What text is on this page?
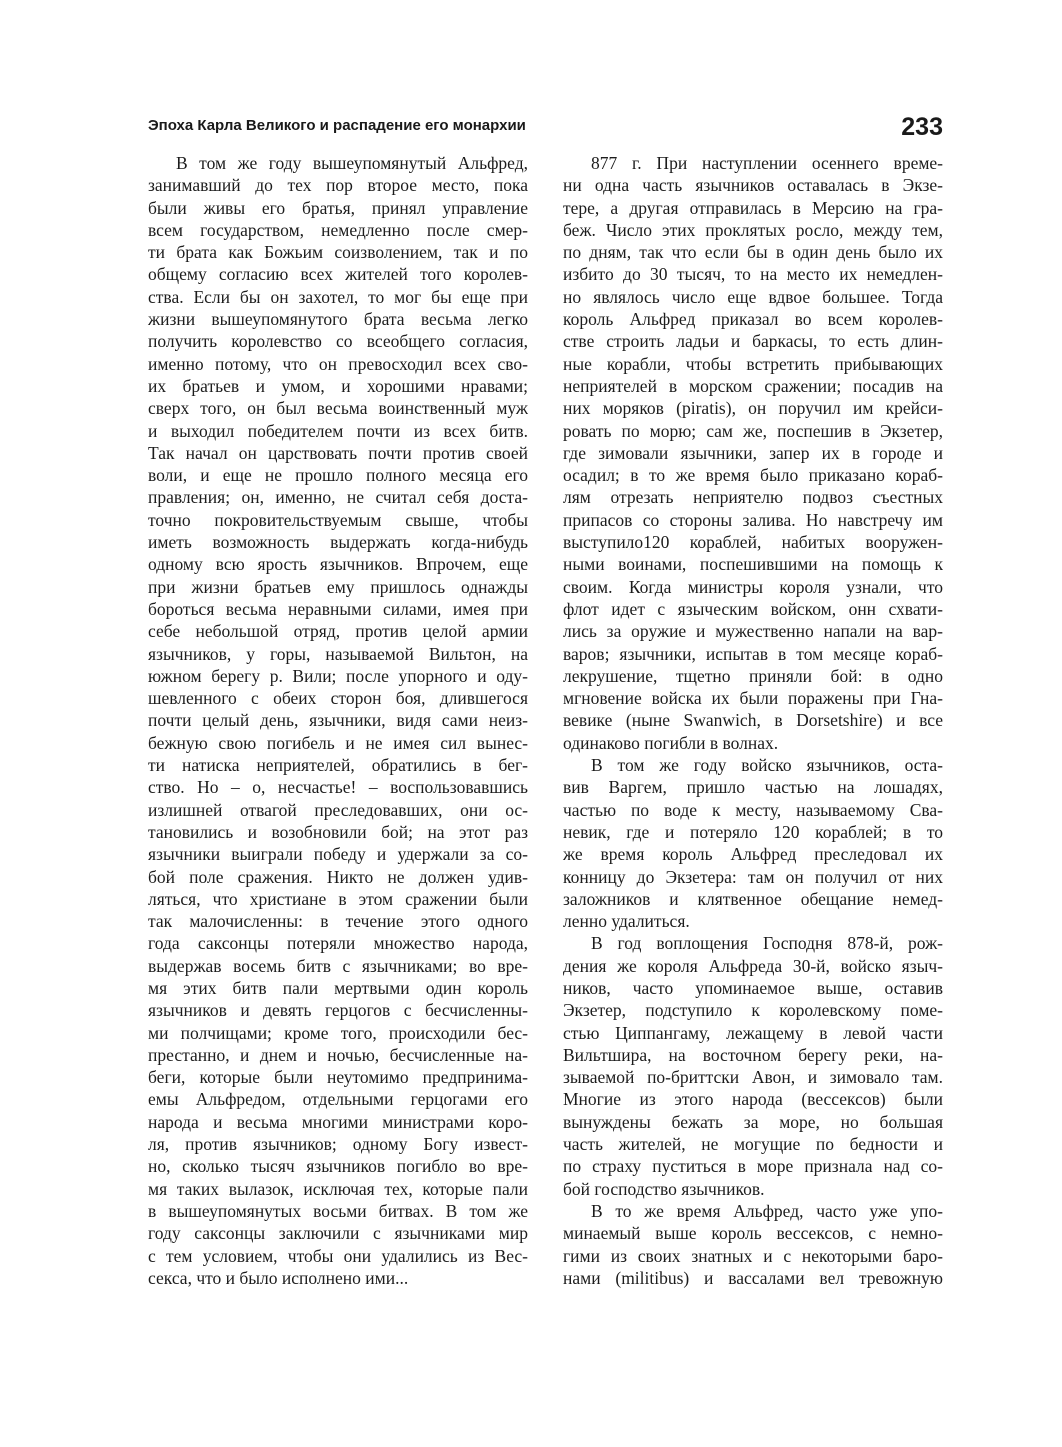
Эпоха Карла Великого и распадение его монархии	233
В том же году вышеупомянутый Альфред,
занимавший до тех пор второе место, пока
были живы его братья, принял управление
всем государством, немедленно после смер-
ти брата как Божьим соизволением, так и по
общему согласию всех жителей того королев-
ства. Если бы он захотел, то мог бы еще при
жизни вышеупомянутого брата весьма легко
получить королевство со всеобщего согласия,
именно потому, что он превосходил всех сво-
их братьев и умом, и хорошими нравами;
сверх того, он был весьма воинственный муж
и выходил победителем почти из всех битв.
Так начал он царствовать почти против своей
воли, и еще не прошло полного месяца его
правления; он, именно, не считал себя доста-
точно покровительствуемым свыше, чтобы
иметь возможность выдержать когда-нибудь
одному всю ярость язычников. Впрочем, еще
при жизни братьев ему пришлось однажды
бороться весьма неравными силами, имея при
себе небольшой отряд, против целой армии
язычников, у горы, называемой Вильтон, на
южном берегу р. Вили; после упорного и оду-
шевленного с обеих сторон боя, длившегося
почти целый день, язычники, видя сами неиз-
бежную свою погибель и не имея сил вынес-
ти натиска неприятелей, обратились в бег-
ство. Но – о, несчастье! – воспользовавшись
излишней отвагой преследовавших, они ос-
тановились и возобновили бой; на этот раз
язычники выиграли победу и удержали за со-
бой поле сражения. Никто не должен удив-
ляться, что христиане в этом сражении были
так малочисленны: в течение этого одного
года саксонцы потеряли множество народа,
выдержав восемь битв с язычниками; во вре-
мя этих битв пали мертвыми один король
язычников и девять герцогов с бесчисленны-
ми полчищами; кроме того, происходили бес-
престанно, и днем и ночью, бесчисленные на-
беги, которые были неутомимо предпринима-
емы Альфредом, отдельными герцогами его
народа и весьма многими министрами коро-
ля, против язычников; одному Богу извест-
но, сколько тысяч язычников погибло во вре-
мя таких вылазок, исключая тех, которые пали
в вышеупомянутых восьми битвах. В том же
году саксонцы заключили с язычниками мир
с тем условием, чтобы они удалились из Вес-
секса, что и было исполнено ими...
877 г. При наступлении осеннего време-
ни одна часть язычников оставалась в Экзе-
тере, а другая отправилась в Мерсию на гра-
беж. Число этих проклятых росло, между тем,
по дням, так что если бы в один день было их
избито до 30 тысяч, то на место их немедлен-
но являлось число еще вдвое большее. Тогда
король Альфред приказал во всем королев-
стве строить ладьи и баркасы, то есть длин-
ные корабли, чтобы встретить прибывающих
неприятелей в морском сражении; посадив на
них моряков (piratis), он поручил им крейси-
ровать по морю; сам же, поспешив в Экзетер,
где зимовали язычники, запер их в городе и
осадил; в то же время было приказано кораб-
лям отрезать неприятелю подвоз съестных
припасов со стороны залива. Но навстречу им
выступило120 кораблей, набитых вооружен-
ными воинами, поспешившими на помощь к
своим. Когда министры короля узнали, что
флот идет с языческим войском, онн схвати-
лись за оружие и мужественно напали на вар-
варов; язычники, испытав в том месяце кораб-
лекрушение, тщетно приняли бой: в одно
мгновение войска их были поражены при Гна-
вевике (ныне Swanwich, в Dorsetshire) и все
одинаково погибли в волнах.
В том же году войско язычников, оста-
вив Варгем, пришло частью на лошадях,
частью по воде к месту, называемому Сва-
невик, где и потеряло 120 кораблей; в то
же время король Альфред преследовал их
конницу до Экзетера: там он получил от них
заложников и клятвенное обещание немед-
ленно удалиться.
В год воплощения Господня 878-й, рож-
дения же короля Альфреда 30-й, войско языч-
ников, часто упоминаемое выше, оставив
Экзетер, подступило к королевскому поме-
стью Циппангаму, лежащему в левой части
Вильтшира, на восточном берегу реки, на-
зываемой по-бриттски Авон, и зимовало там.
Многие из этого народа (вессексов) были
вынуждены бежать за море, но большая
часть жителей, не могущие по бедности и
по страху пуститься в море признала над со-
бой господство язычников.
В то же время Альфред, часто уже упо-
минаемый выше король вессексов, с немно-
гими из своих знатных и с некоторыми баро-
нами (militibus) и вассалами вел тревожную
